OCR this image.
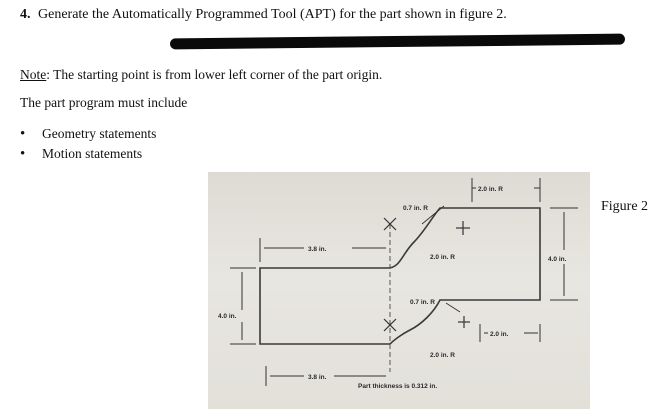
4. Generate the Automatically Programmed Tool (APT) for the part shown in figure 2.
Note: The starting point is from lower left corner of the part origin.
The part program must include
•	Geometry statements
•	Motion statements
2.0 in. R
4.0 in.
3.8 in.
4.0 in.
3.8 in.
2.0 in.
0.7 in. R
2.0 in. R
0.7 in. R
2.0 in. R
Part thickness is 0.312 in.
Figure 2
